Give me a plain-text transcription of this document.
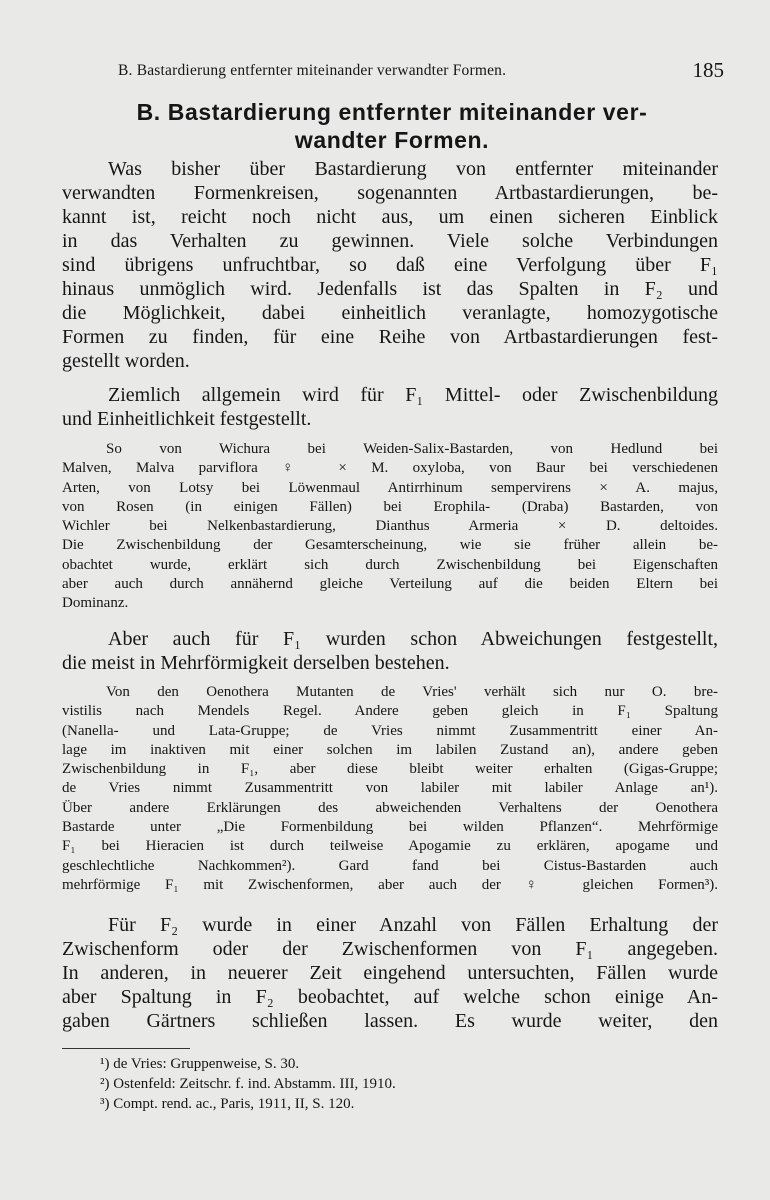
B. Bastardierung entfernter miteinander verwandter Formen.	185
B. Bastardierung entfernter miteinander ver-
wandter Formen.
Was bisher über Bastardierung von entfernter miteinander
verwandten Formenkreisen, sogenannten Artbastardierungen, be-
kannt ist, reicht noch nicht aus, um einen sicheren Einblick
in das Verhalten zu gewinnen. Viele solche Verbindungen
sind übrigens unfruchtbar, so daß eine Verfolgung über F₁
hinaus unmöglich wird. Jedenfalls ist das Spalten in F₂ und
die Möglichkeit, dabei einheitlich veranlagte, homozygotische
Formen zu finden, für eine Reihe von Artbastardierungen fest-
gestellt worden.
Ziemlich allgemein wird für F₁ Mittel- oder Zwischenbildung
und Einheitlichkeit festgestellt.
So von Wichura bei Weiden-Salix-Bastarden, von Hedlund bei
Malven, Malva parviflora ♀ × M. oxyloba, von Baur bei verschiedenen
Arten, von Lotsy bei Löwenmaul Antirrhinum sempervirens × A. majus,
von Rosen (in einigen Fällen) bei Erophila- (Draba) Bastarden, von
Wichler bei Nelkenbastardierung, Dianthus Armeria × D. deltoides.
Die Zwischenbildung der Gesamterscheinung, wie sie früher allein be-
obachtet wurde, erklärt sich durch Zwischenbildung bei Eigenschaften
aber auch durch annähernd gleiche Verteilung auf die beiden Eltern bei
Dominanz.
Aber auch für F₁ wurden schon Abweichungen festgestellt,
die meist in Mehrförmigkeit derselben bestehen.
Von den Oenothera Mutanten de Vries' verhält sich nur O. bre-
vistilis nach Mendels Regel. Andere geben gleich in F₁ Spaltung
(Nanella- und Lata-Gruppe; de Vries nimmt Zusammentritt einer An-
lage im inaktiven mit einer solchen im labilen Zustand an), andere geben
Zwischenbildung in F₁, aber diese bleibt weiter erhalten (Gigas-Gruppe;
de Vries nimmt Zusammentritt von labiler mit labiler Anlage an¹).
Über andere Erklärungen des abweichenden Verhaltens der Oenothera
Bastarde unter „Die Formenbildung bei wilden Pflanzen“. Mehrförmige
F₁ bei Hieracien ist durch teilweise Apogamie zu erklären, apogame und
geschlechtliche Nachkommen²). Gard fand bei Cistus-Bastarden auch
mehrförmige F₁ mit Zwischenformen, aber auch der ♀ gleichen Formen³).
Für F₂ wurde in einer Anzahl von Fällen Erhaltung der
Zwischenform oder der Zwischenformen von F₁ angegeben.
In anderen, in neuerer Zeit eingehend untersuchten, Fällen wurde
aber Spaltung in F₂ beobachtet, auf welche schon einige An-
gaben Gärtners schließen lassen. Es wurde weiter, den
¹) de Vries: Gruppenweise, S. 30.
²) Ostenfeld: Zeitschr. f. ind. Abstamm. III, 1910.
³) Compt. rend. ac., Paris, 1911, II, S. 120.
